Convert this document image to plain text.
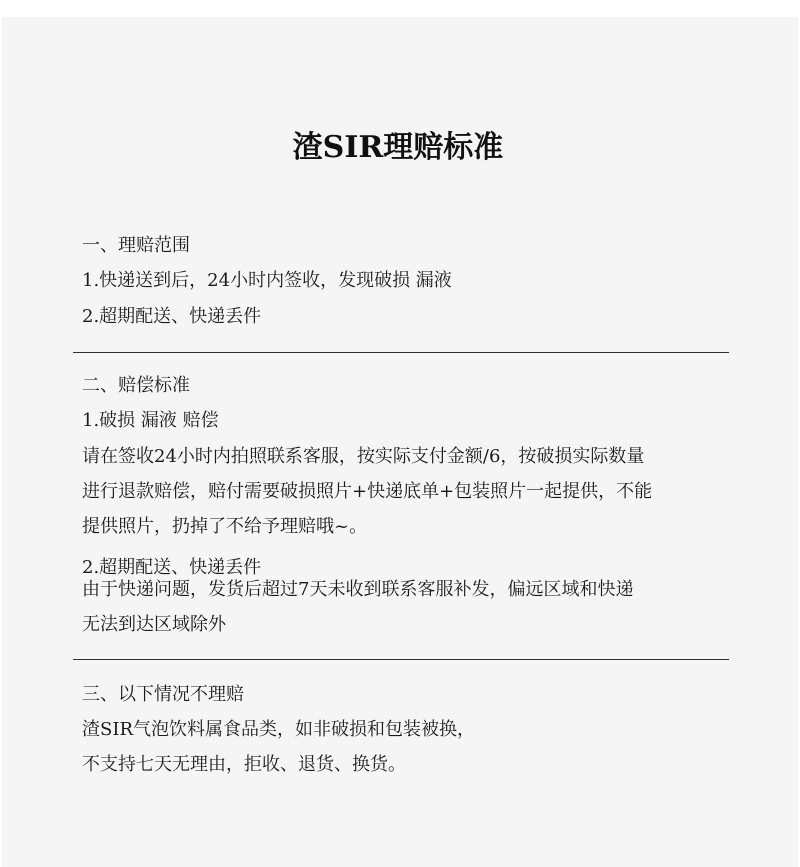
渣SIR理赔标准
一、理赔范围
1.快递送到后，24小时内签收，发现破损 漏液
2.超期配送、快递丢件
二、赔偿标准
1.破损 漏液 赔偿
请在签收24小时内拍照联系客服，按实际支付金额/6，按破损实际数量
进行退款赔偿，赔付需要破损照片+快递底单+包装照片一起提供，不能
提供照片，扔掉了不给予理赔哦~。
2.超期配送、快递丢件
由于快递问题，发货后超过7天未收到联系客服补发，偏远区域和快递
无法到达区域除外
三、以下情况不理赔
渣SIR气泡饮料属食品类，如非破损和包装被换，
不支持七天无理由，拒收、退货、换货。
